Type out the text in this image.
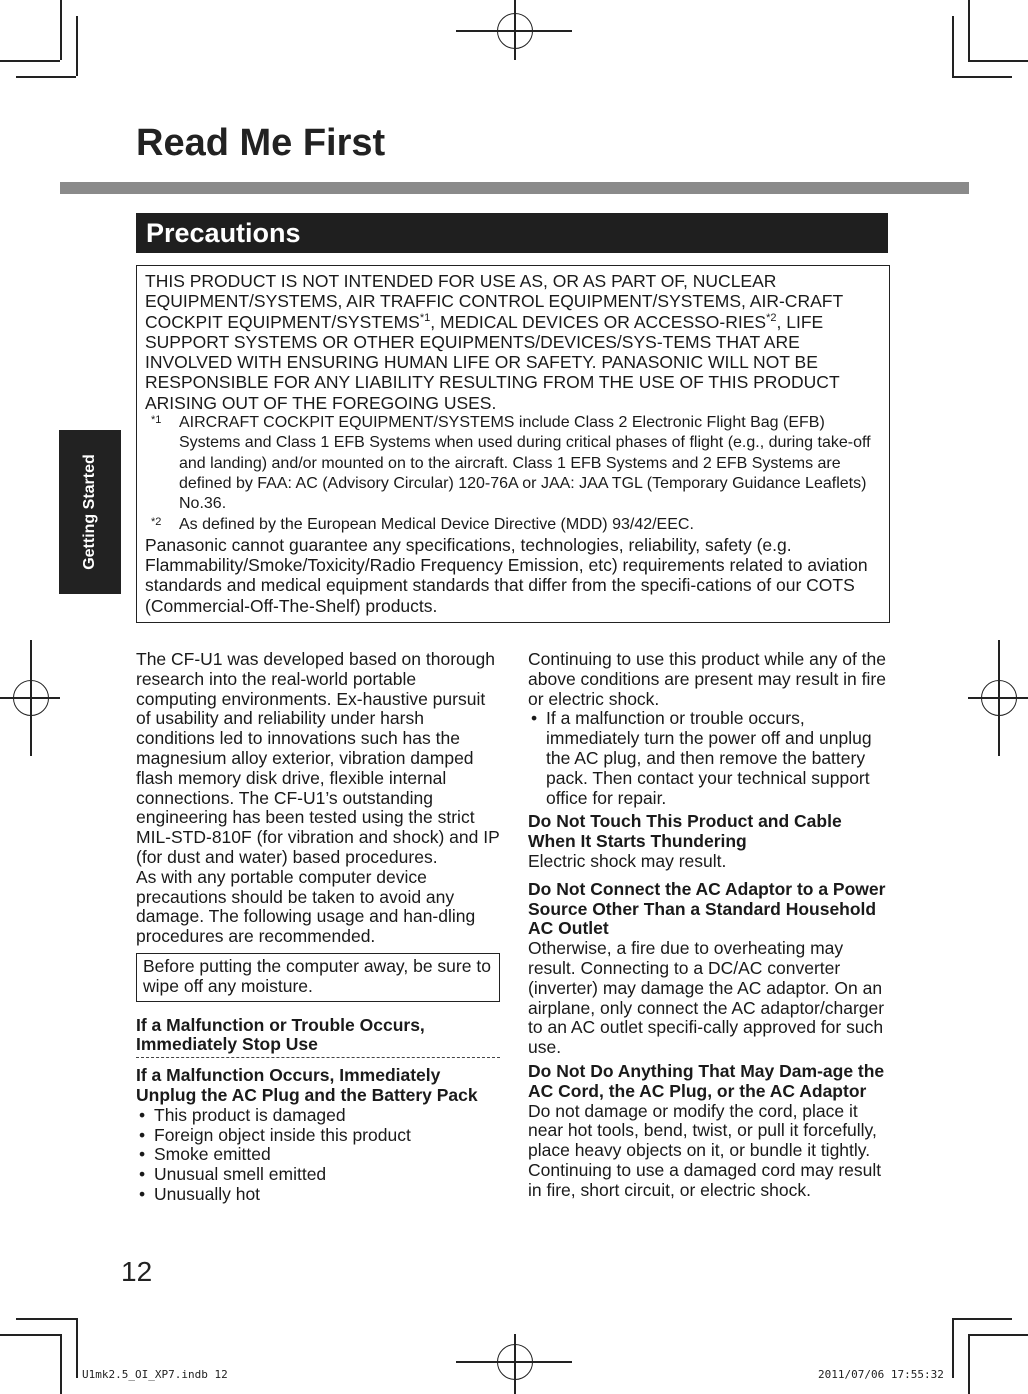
Read Me First
Getting Started
Precautions

THIS PRODUCT IS NOT INTENDED FOR USE AS, OR AS PART OF, NUCLEAR EQUIPMENT/SYSTEMS, AIR TRAFFIC CONTROL EQUIPMENT/SYSTEMS, AIR-CRAFT COCKPIT EQUIPMENT/SYSTEMS$^{*1}$, MEDICAL DEVICES OR ACCESSO-RIES$^{*2}$, LIFE SUPPORT SYSTEMS OR OTHER EQUIPMENTS/DEVICES/SYS-TEMS THAT ARE INVOLVED WITH ENSURING HUMAN LIFE OR SAFETY. PANASONIC WILL NOT BE RESPONSIBLE FOR ANY LIABILITY RESULTING FROM THE USE OF THIS PRODUCT ARISING OUT OF THE FOREGOING USES.

*1	AIRCRAFT COCKPIT EQUIPMENT/SYSTEMS include Class 2 Electronic Flight Bag (EFB) Systems and Class 1 EFB Systems when used during critical phases of flight (e.g., during take-off and landing) and/or mounted on to the aircraft. Class 1 EFB Systems and 2 EFB Systems are defined by FAA: AC (Advisory Circular) 120-76A or JAA: JAA TGL (Temporary Guidance Leaflets) No.36.
*2	As defined by the European Medical Device Directive (MDD) 93/42/EEC.

Panasonic cannot guarantee any specifications, technologies, reliability, safety (e.g. Flammability/Smoke/Toxicity/Radio Frequency Emission, etc) requirements related to aviation standards and medical equipment standards that differ from the specifi-cations of our COTS (Commercial-Off-The-Shelf) products.

The CF-U1 was developed based on thorough research into the real-world portable computing environments. Ex-haustive pursuit of usability and reliability under harsh conditions led to innovations such has the magnesium alloy exterior, vibration damped flash memory disk drive, flexible internal connections. The CF-U1’s outstanding engineering has been tested using the strict MIL-STD-810F (for vibration and shock) and IP (for dust and water) based procedures.

As with any portable computer device precautions should be taken to avoid any damage. The following usage and han-dling procedures are recommended.

Before putting the computer away, be sure to wipe off any moisture.

If a Malfunction or Trouble Occurs, Immediately Stop Use

If a Malfunction Occurs, Immediately Unplug the AC Plug and the Battery Pack

• This product is damaged
• Foreign object inside this product
• Smoke emitted
• Unusual smell emitted
• Unusually hot

Continuing to use this product while any of the above conditions are present may result in fire or electric shock.

• If a malfunction or trouble occurs, immediately turn the power off and unplug the AC plug, and then remove the battery pack. Then contact your technical support office for repair.

Do Not Touch This Product and Cable When It Starts Thundering

Electric shock may result.

Do Not Connect the AC Adaptor to a Power Source Other Than a Standard Household AC Outlet

Otherwise, a fire due to overheating may result. Connecting to a DC/AC converter (inverter) may damage the AC adaptor. On an airplane, only connect the AC adaptor/charger to an AC outlet specifi-cally approved for such use.

Do Not Do Anything That May Dam-age the AC Cord, the AC Plug, or the AC Adaptor

Do not damage or modify the cord, place it near hot tools, bend, twist, or pull it forcefully, place heavy objects on it, or bundle it tightly.

Continuing to use a damaged cord may result in fire, short circuit, or electric shock.

12
U1mk2.5_OI_XP7.indb 12	2011/07/06 17:55:32
